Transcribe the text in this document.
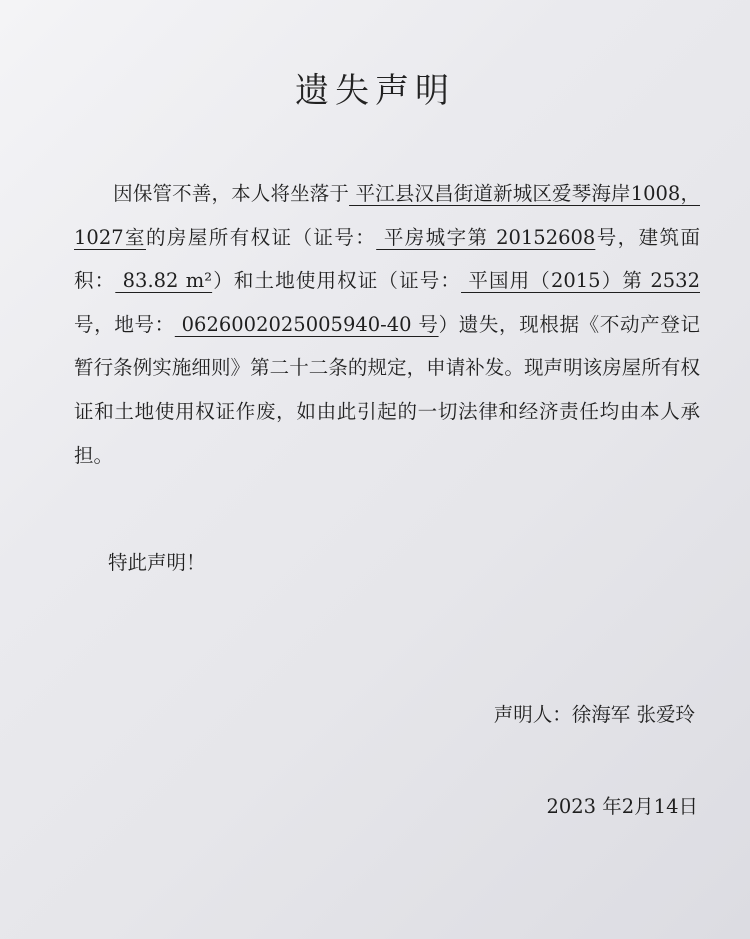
遗失声明

因保管不善，本人将坐落于 平江县汉昌街道新城区爱琴海岸1008，1027室的房屋所有权证（证号： 平房城字第 20152608号，建筑面积： 83.82 m²）和土地使用权证（证号： 平国用（2015）第 2532号，地号： 0626002025005940-40 号）遗失，现根据《不动产登记暂行条例实施细则》第二十二条的规定，申请补发。现声明该房屋所有权证和土地使用权证作废，如由此引起的一切法律和经济责任均由本人承担。

特此声明！

声明人：徐海军 张爱玲

2023 年2月14日
